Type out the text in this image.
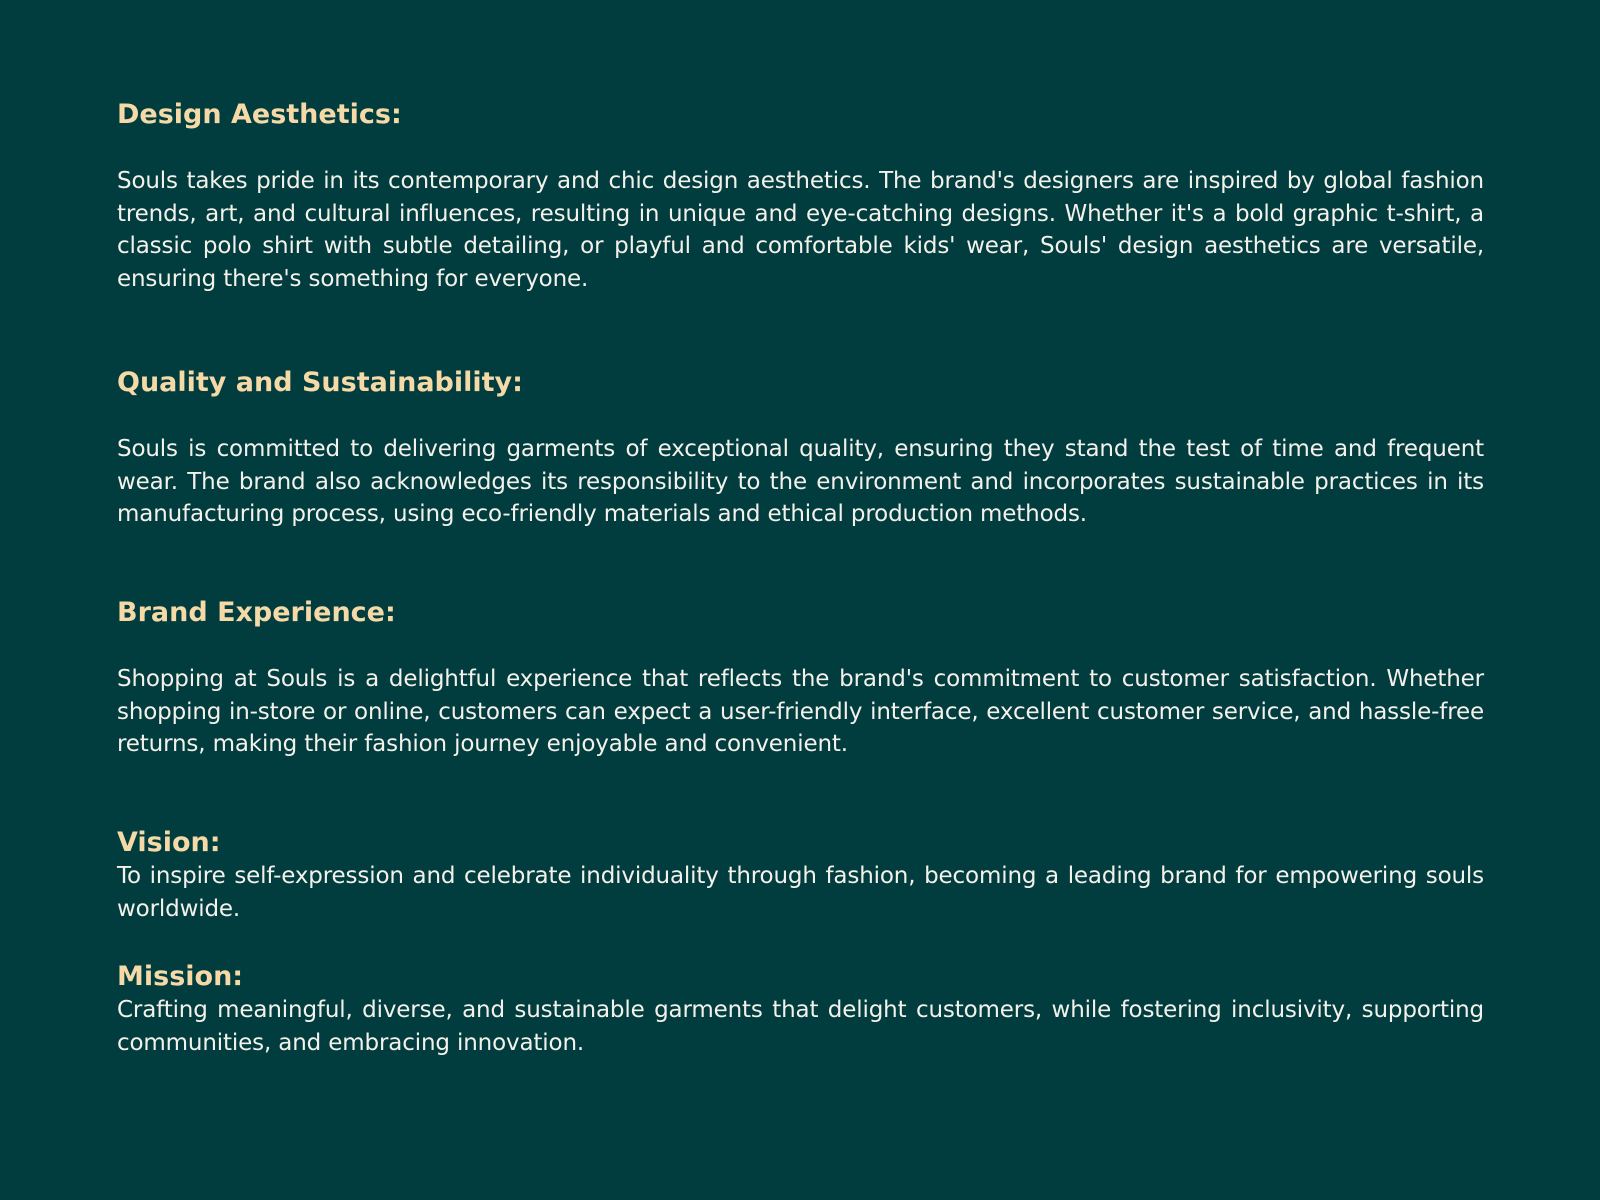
Design Aesthetics:

Souls takes pride in its contemporary and chic design aesthetics. The brand's designers are inspired by global fashion trends, art, and cultural influences, resulting in unique and eye-catching designs. Whether it's a bold graphic t-shirt, a classic polo shirt with subtle detailing, or playful and comfortable kids' wear, Souls' design aesthetics are versatile, ensuring there's something for everyone.

Quality and Sustainability:

Souls is committed to delivering garments of exceptional quality, ensuring they stand the test of time and frequent wear. The brand also acknowledges its responsibility to the environment and incorporates sustainable practices in its manufacturing process, using eco-friendly materials and ethical production methods.

Brand Experience:

Shopping at Souls is a delightful experience that reflects the brand's commitment to customer satisfaction. Whether shopping in-store or online, customers can expect a user-friendly interface, excellent customer service, and hassle-free returns, making their fashion journey enjoyable and convenient.

Vision:

To inspire self-expression and celebrate individuality through fashion, becoming a leading brand for empowering souls worldwide.

Mission:

Crafting meaningful, diverse, and sustainable garments that delight customers, while fostering inclusivity, supporting communities, and embracing innovation.
